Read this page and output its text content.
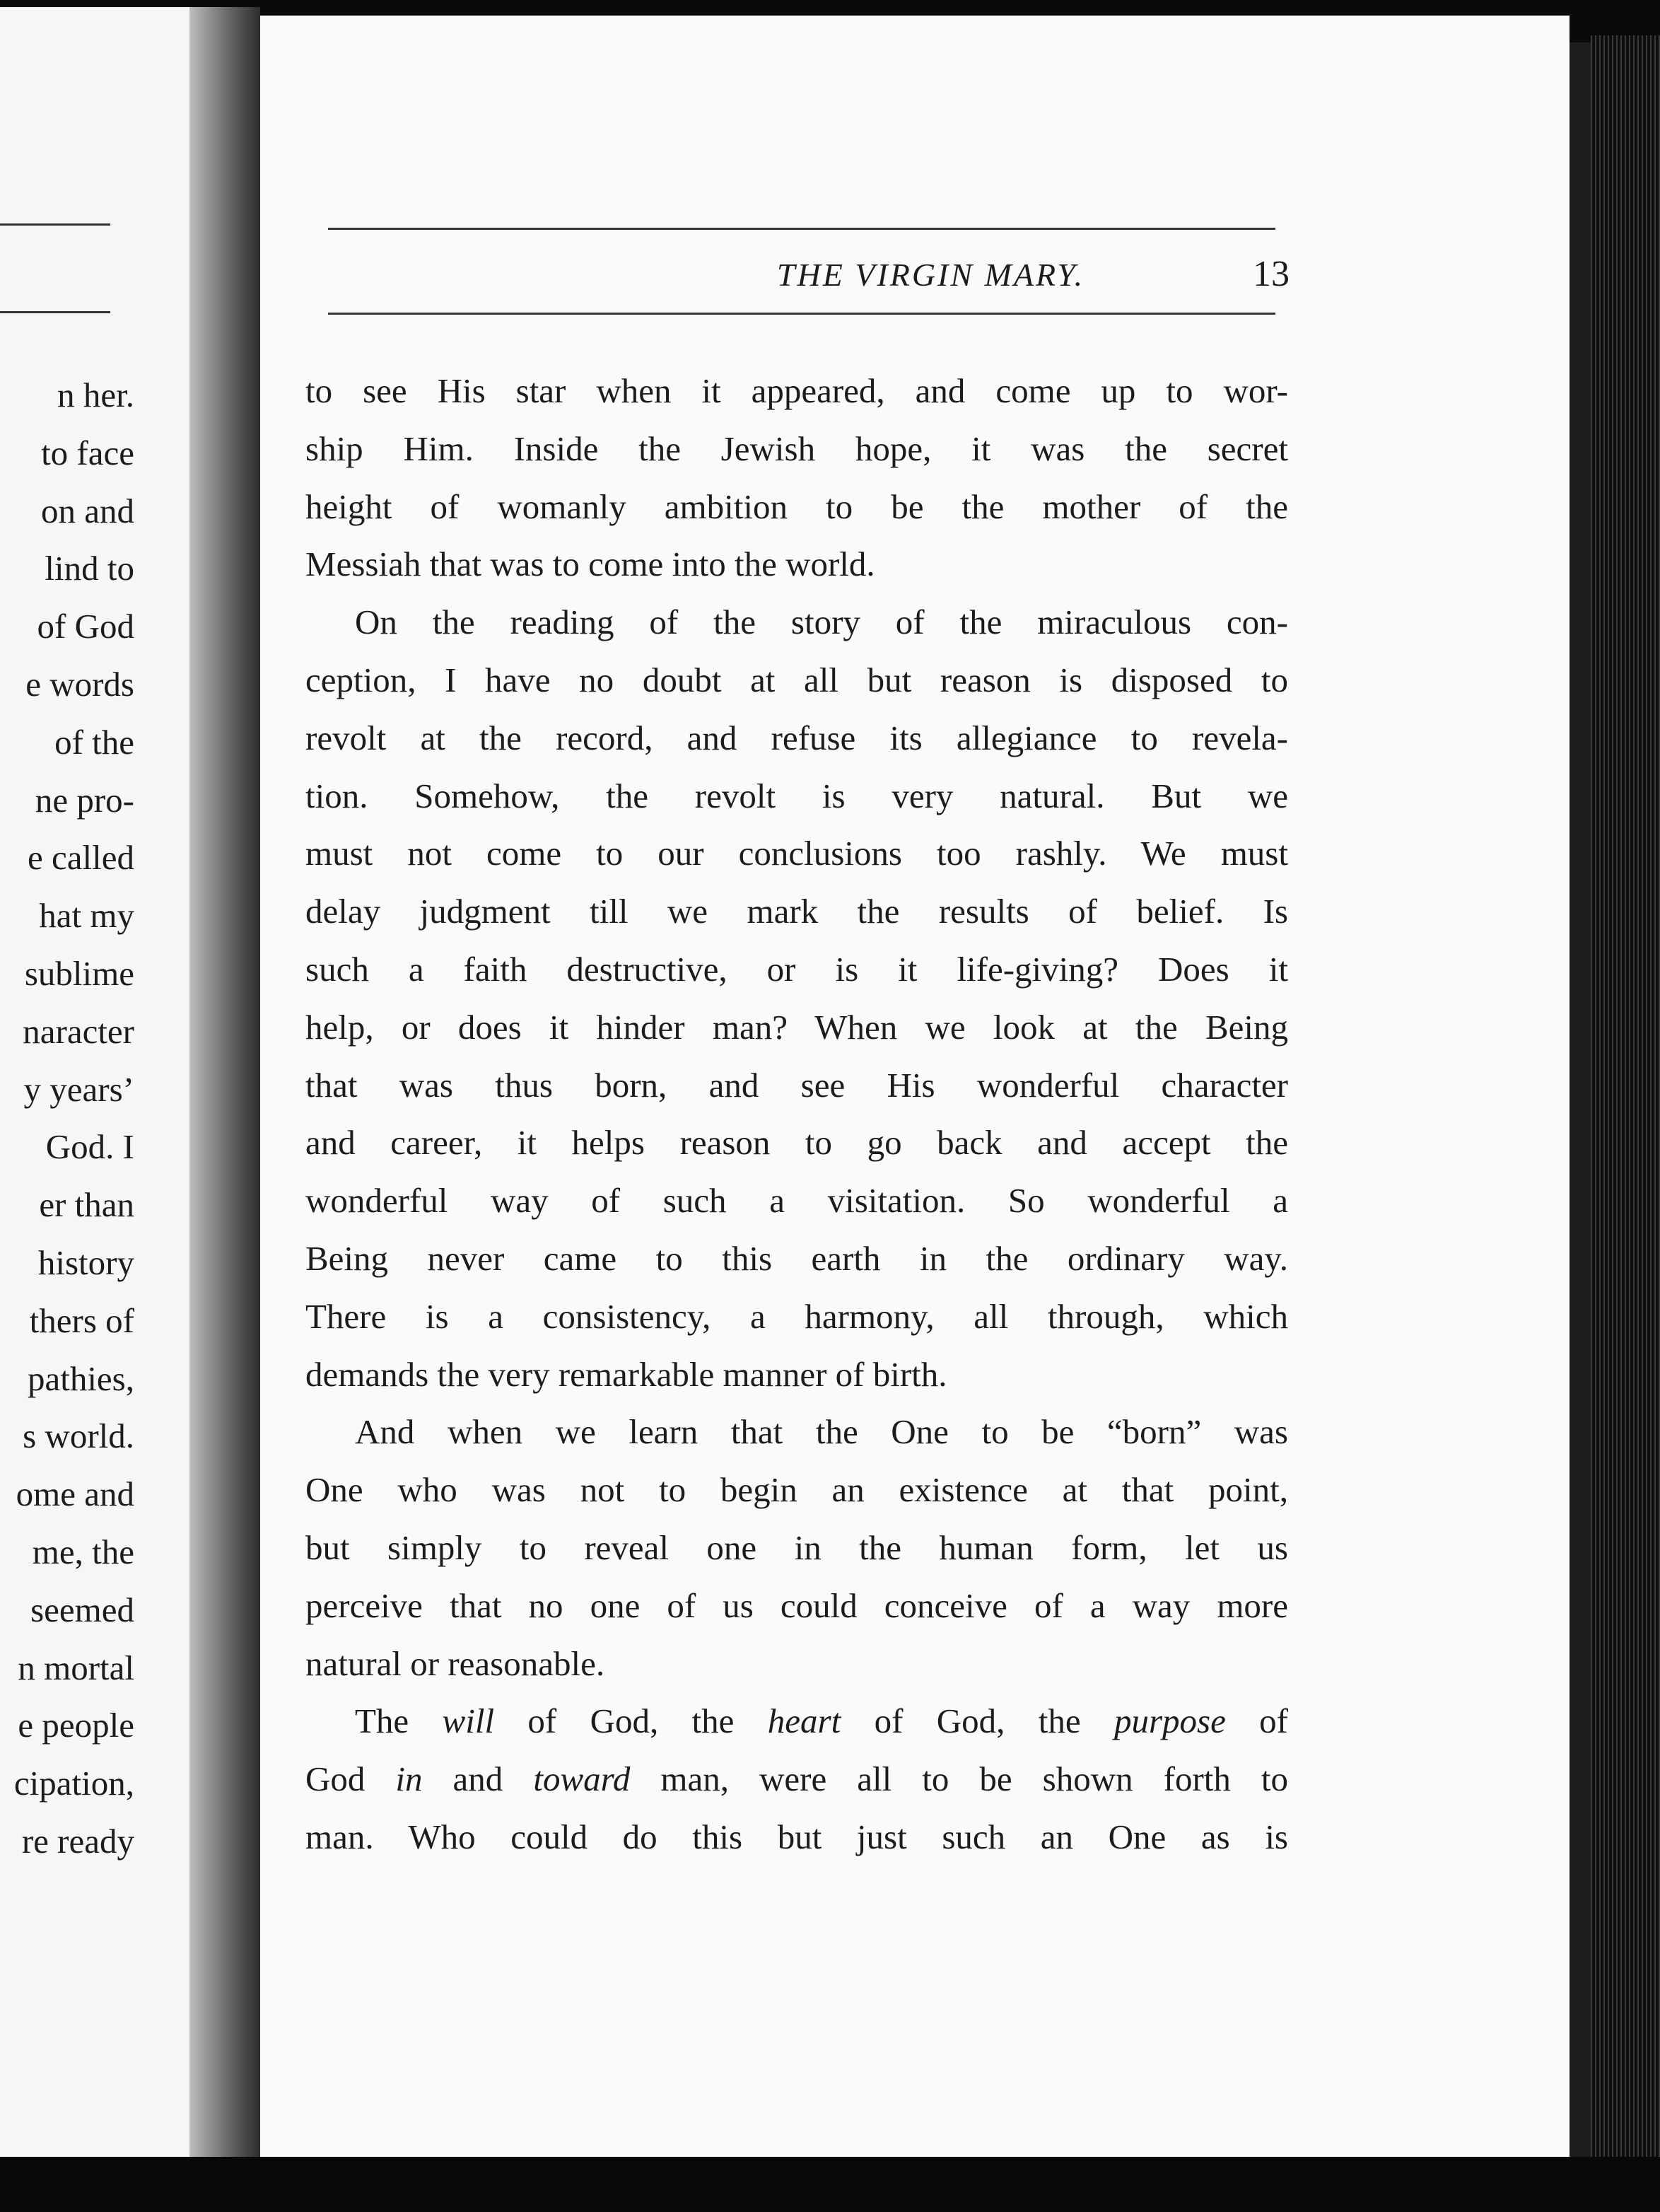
n her.
to face
on and
lind to
of God
e words
of the
ne pro-
e called
hat my
sublime
naracter
y years’
God. I
er than
history
thers of
pathies,
s world.
ome and
me, the
seemed
n mortal
e people
cipation,
re ready
THE VIRGIN MARY.	13
to see His star when it appeared, and come up to wor-
ship Him. Inside the Jewish hope, it was the secret
height of womanly ambition to be the mother of the
Messiah that was to come into the world.
On the reading of the story of the miraculous con-
ception, I have no doubt at all but reason is disposed to
revolt at the record, and refuse its allegiance to revela-
tion. Somehow, the revolt is very natural. But we
must not come to our conclusions too rashly. We must
delay judgment till we mark the results of belief. Is
such a faith destructive, or is it life-giving? Does it
help, or does it hinder man? When we look at the Being
that was thus born, and see His wonderful character
and career, it helps reason to go back and accept the
wonderful way of such a visitation. So wonderful a
Being never came to this earth in the ordinary way.
There is a consistency, a harmony, all through, which
demands the very remarkable manner of birth.
And when we learn that the One to be “born” was
One who was not to begin an existence at that point,
but simply to reveal one in the human form, let us
perceive that no one of us could conceive of a way more
natural or reasonable.
The will of God, the heart of God, the purpose of
God in and toward man, were all to be shown forth to
man. Who could do this but just such an One as is
